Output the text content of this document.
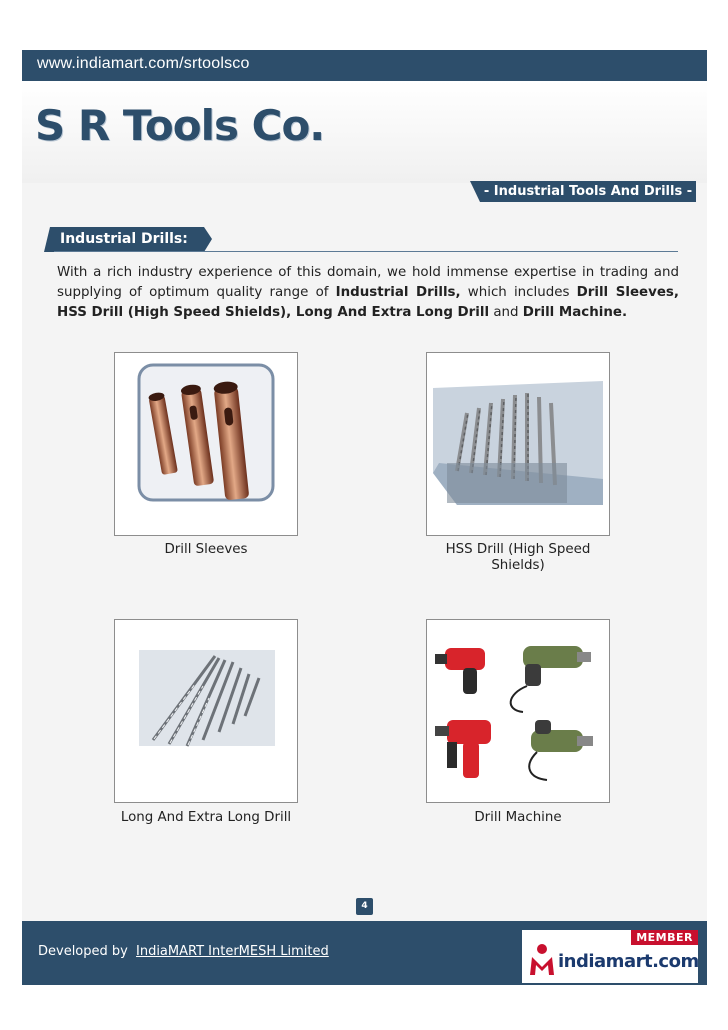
www.indiamart.com/srtoolsco
S R Tools Co.
- Industrial Tools And Drills -
Industrial Drills:

With a rich industry experience of this domain, we hold immense expertise in trading and supplying of optimum quality range of Industrial Drills, which includes Drill Sleeves, HSS Drill (High Speed Shields), Long And Extra Long Drill and Drill Machine.

Drill Sleeves	HSS Drill (High Speed Shields)
Long And Extra Long Drill	Drill Machine
4
Developed by IndiaMART InterMESH Limited
MEMBER
indiamart.com
